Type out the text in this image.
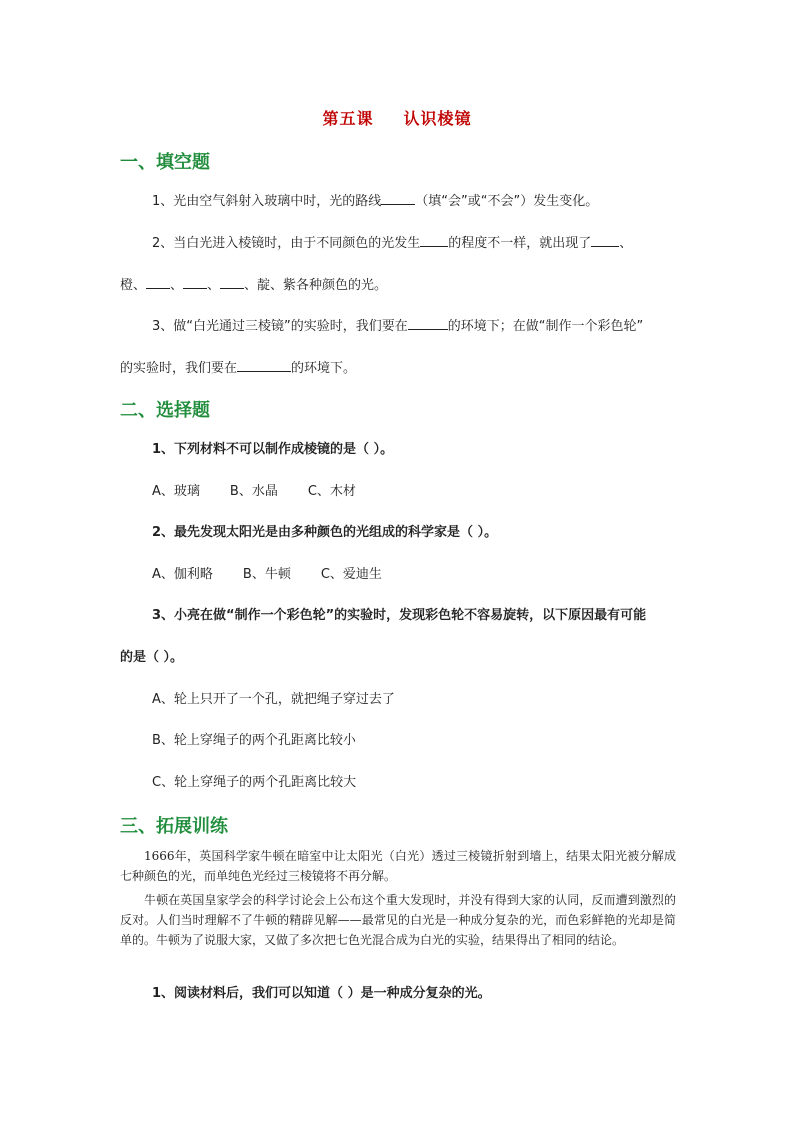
第五课 认识棱镜
一、填空题
1、光由空气斜射入玻璃中时，光的路线	（填“会”或“不会”）发生变化。
2、当白光进入棱镜时，由于不同颜色的光发生 的程度不一样，就出现了 、
橙、 、 、 、靛、紫各种颜色的光。
3、做“白光通过三棱镜”的实验时，我们要在	的环境下；在做“制作一个彩色轮”
的实验时，我们要在	的环境下。
二、选择题
1、下列材料不可以制作成棱镜的是（ ）。
A、玻璃 B、水晶 C、木材
2、最先发现太阳光是由多种颜色的光组成的科学家是（ ）。
A、伽利略 B、牛顿 C、爱迪生
3、小亮在做“制作一个彩色轮”的实验时，发现彩色轮不容易旋转，以下原因最有可能
的是（ ）。
A、轮上只开了一个孔，就把绳子穿过去了
B、轮上穿绳子的两个孔距离比较小
C、轮上穿绳子的两个孔距离比较大
三、拓展训练
1666年，英国科学家牛顿在暗室中让太阳光（白光）透过三棱镜折射到墙上，结果太阳光被分解成七种颜色的光，而单纯色光经过三棱镜将不再分解。
牛顿在英国皇家学会的科学讨论会上公布这个重大发现时，并没有得到大家的认同，反而遭到激烈的反对。人们当时理解不了牛顿的精辟见解——最常见的白光是一种成分复杂的光，而色彩鲜艳的光却是简单的。牛顿为了说服大家，又做了多次把七色光混合成为白光的实验，结果得出了相同的结论。
1、阅读材料后，我们可以知道（ ）是一种成分复杂的光。
